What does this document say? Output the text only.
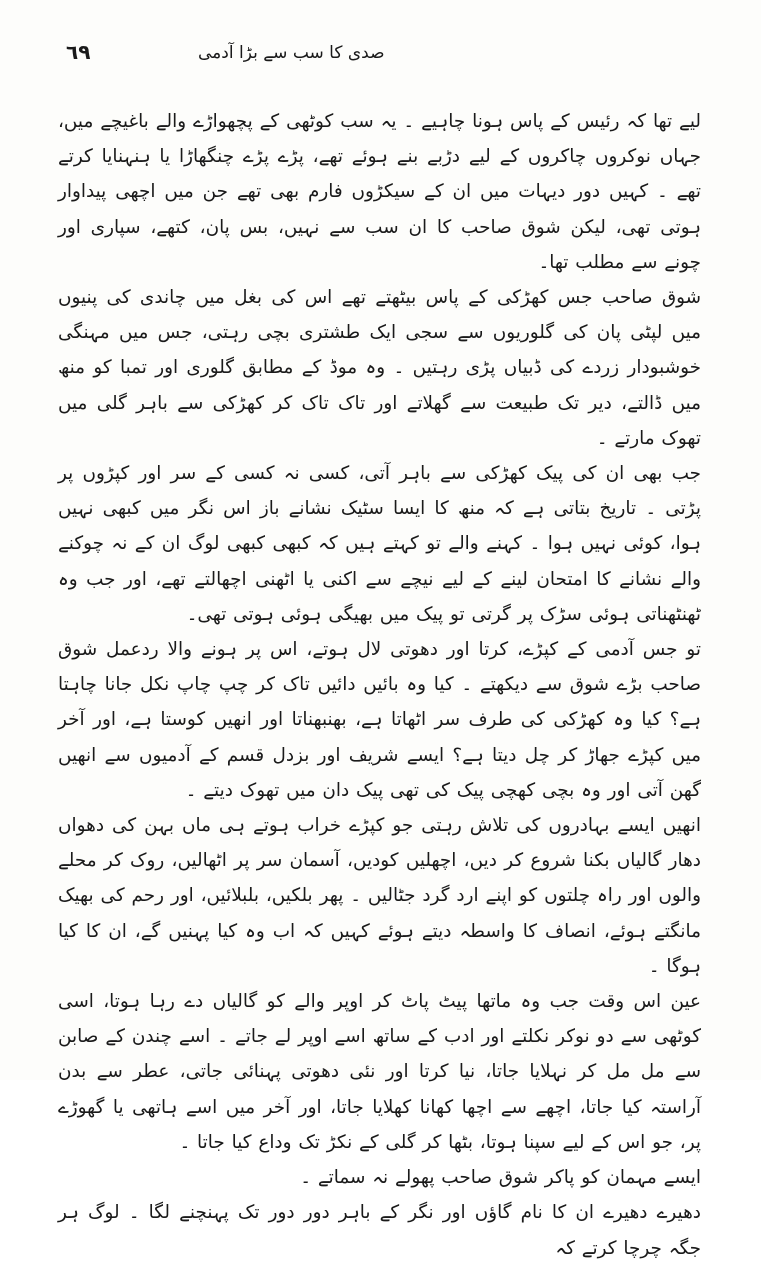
٦٩	صدی کا سب سے بڑا آدمی

لیے تھا کہ رئیس کے پاس ہونا چاہیے ۔ یہ سب کوٹھی کے پچھواڑے والے باغیچے میں، جہاں نوکروں چاکروں کے لیے دڑبے بنے ہوئے تھے، پڑے پڑے چنگھاڑا یا ہنہنایا کرتے تھے ۔ کہیں دور دیہات میں ان کے سیکڑوں فارم بھی تھے جن میں اچھی پیداوار ہوتی تھی، لیکن شوق صاحب کا ان سب سے نہیں، بس پان، کتھے، سپاری اور چونے سے مطلب تھا۔

شوق صاحب جس کھڑکی کے پاس بیٹھتے تھے اس کی بغل میں چاندی کی پنیوں میں لپٹی پان کی گلوریوں سے سجی ایک طشتری بچی رہتی، جس میں مہنگی خوشبودار زردے کی ڈبیاں پڑی رہتیں ۔ وہ موڈ کے مطابق گلوری اور تمبا کو منھ میں ڈالتے، دیر تک طبیعت سے گھلاتے اور تاک تاک کر کھڑکی سے باہر گلی میں تھوک مارتے ۔

جب بھی ان کی پیک کھڑکی سے باہر آتی، کسی نہ کسی کے سر اور کپڑوں پر پڑتی ۔ تاریخ بتاتی ہے کہ منھ کا ایسا سٹیک نشانے باز اس نگر میں کبھی نہیں ہوا، کوئی نہیں ہوا ۔ کہنے والے تو کہتے ہیں کہ کبھی کبھی لوگ ان کے نہ چوکنے والے نشانے کا امتحان لینے کے لیے نیچے سے اکنی یا اٹھنی اچھالتے تھے، اور جب وہ ٹھنٹھناتی ہوئی سڑک پر گرتی تو پیک میں بھیگی ہوئی ہوتی تھی۔

تو جس آدمی کے کپڑے، کرتا اور دھوتی لال ہوتے، اس پر ہونے والا ردعمل شوق صاحب بڑے شوق سے دیکھتے ۔ کیا وہ بائیں دائیں تاک کر چپ چاپ نکل جانا چاہتا ہے؟ کیا وہ کھڑکی کی طرف سر اٹھاتا ہے، بھنبھناتا اور انھیں کوستا ہے، اور آخر میں کپڑے جھاڑ کر چل دیتا ہے؟ ایسے شریف اور بزدل قسم کے آدمیوں سے انھیں گھن آتی اور وہ بچی کھچی پیک کی تھی پیک دان میں تھوک دیتے ۔

انھیں ایسے بہادروں کی تلاش رہتی جو کپڑے خراب ہوتے ہی ماں بہن کی دھواں دھار گالیاں بکنا شروع کر دیں، اچھلیں کودیں، آسمان سر پر اٹھالیں، روک کر محلے والوں اور راہ چلتوں کو اپنے ارد گرد جٹالیں ۔ پھر بلکیں، بلبلائیں، اور رحم کی بھیک مانگتے ہوئے، انصاف کا واسطہ دیتے ہوئے کہیں کہ اب وہ کیا پہنیں گے، ان کا کیا ہوگا ۔

عین اس وقت جب وہ ماتھا پیٹ پاٹ کر اوپر والے کو گالیاں دے رہا ہوتا، اسی کوٹھی سے دو نوکر نکلتے اور ادب کے ساتھ اسے اوپر لے جاتے ۔ اسے چندن کے صابن سے مل مل کر نہلایا جاتا، نیا کرتا اور نئی دھوتی پہنائی جاتی، عطر سے بدن آراستہ کیا جاتا، اچھے سے اچھا کھانا کھلایا جاتا، اور آخر میں اسے ہاتھی یا گھوڑے پر، جو اس کے لیے سپنا ہوتا، بٹھا کر گلی کے نکڑ تک وداع کیا جاتا ۔

ایسے مہمان کو پاکر شوق صاحب پھولے نہ سماتے ۔

دھیرے دھیرے ان کا نام گاؤں اور نگر کے باہر دور دور تک پہنچنے لگا ۔ لوگ ہر جگہ چرچا کرتے کہ
